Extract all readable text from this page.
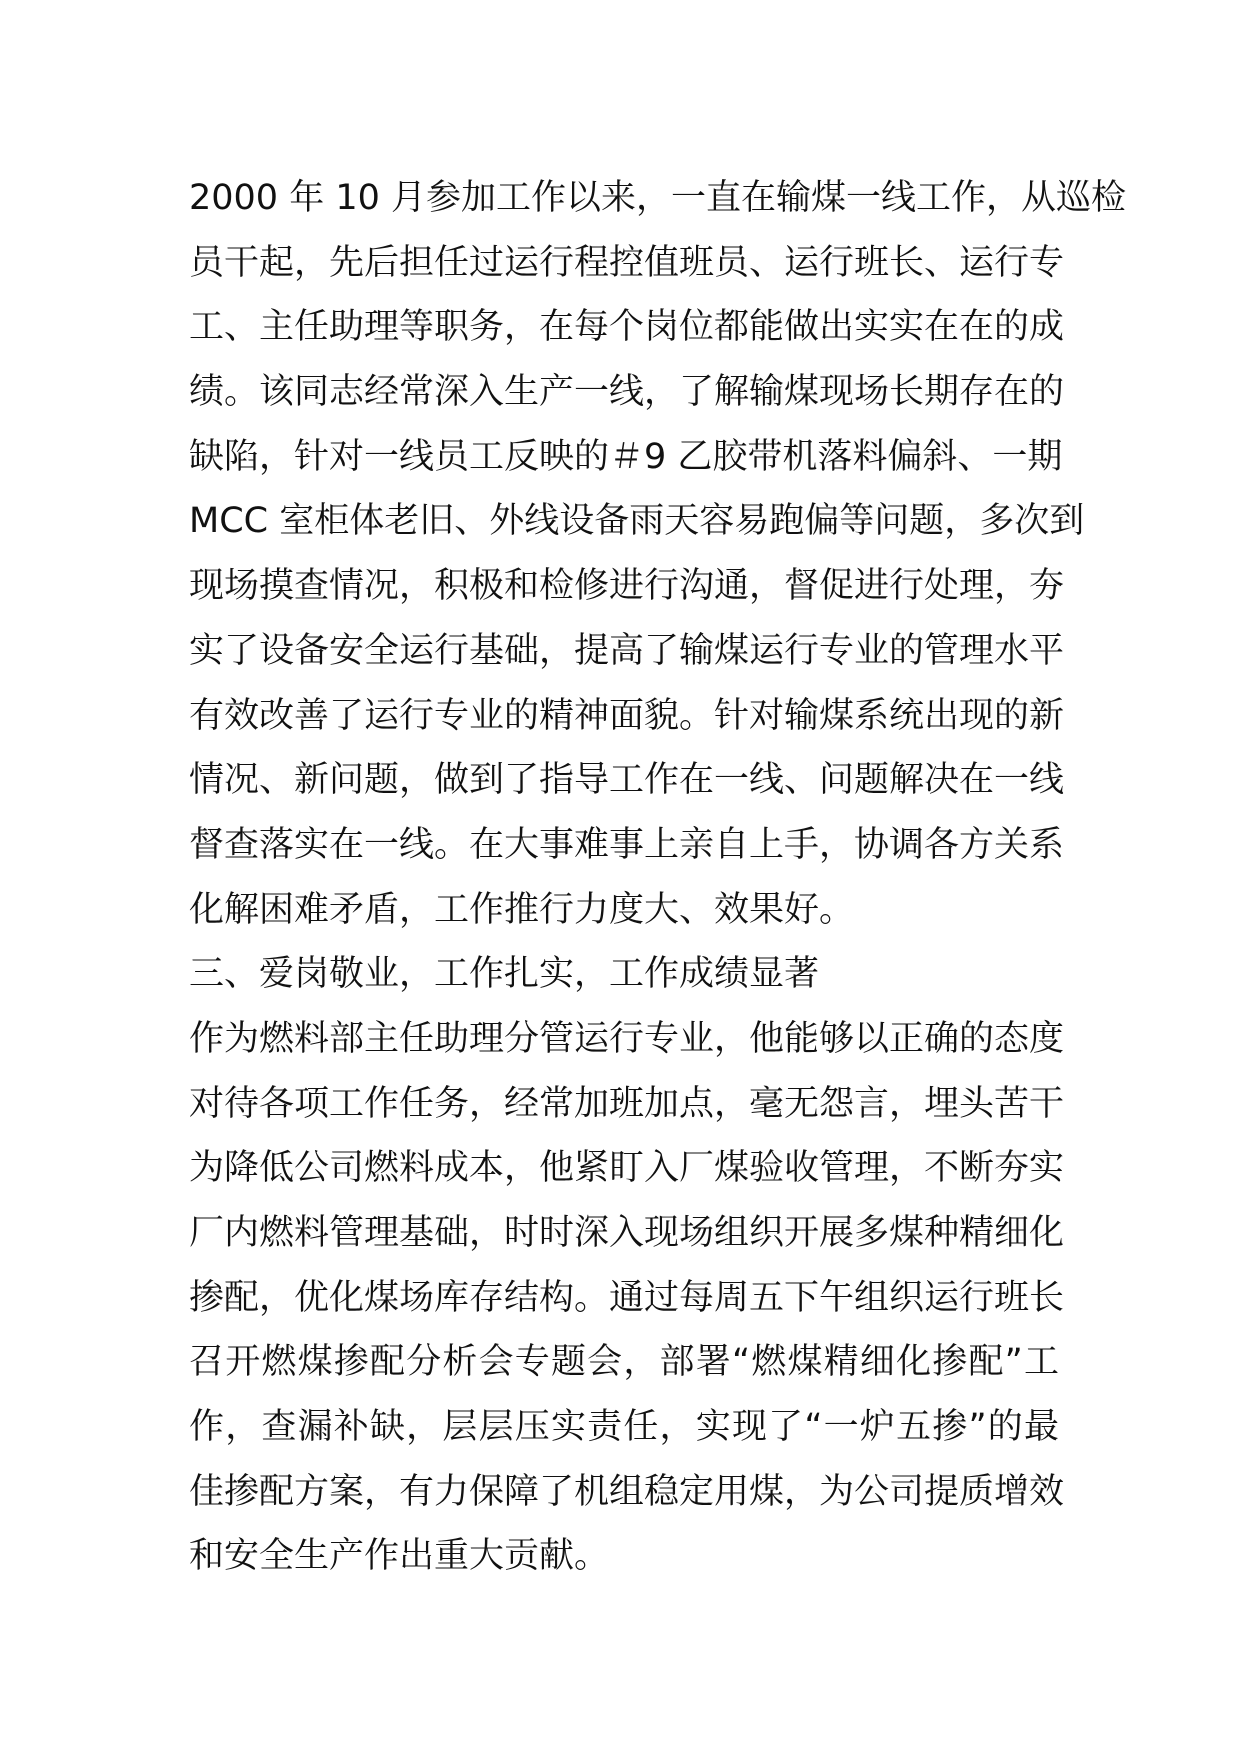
2000 年 10 月参加工作以来，一直在输煤一线工作，从巡检
员干起，先后担任过运行程控值班员、运行班长、运行专
工、主任助理等职务，在每个岗位都能做出实实在在的成
绩。该同志经常深入生产一线，了解输煤现场长期存在的
缺陷，针对一线员工反映的＃9 乙胶带机落料偏斜、一期
MCC 室柜体老旧、外线设备雨天容易跑偏等问题，多次到
现场摸查情况，积极和检修进行沟通，督促进行处理，夯
实了设备安全运行基础，提高了输煤运行专业的管理水平
有效改善了运行专业的精神面貌。针对输煤系统出现的新
情况、新问题，做到了指导工作在一线、问题解决在一线
督查落实在一线。在大事难事上亲自上手，协调各方关系
化解困难矛盾，工作推行力度大、效果好。
三、爱岗敬业，工作扎实，工作成绩显著
作为燃料部主任助理分管运行专业，他能够以正确的态度
对待各项工作任务，经常加班加点，毫无怨言，埋头苦干
为降低公司燃料成本，他紧盯入厂煤验收管理，不断夯实
厂内燃料管理基础，时时深入现场组织开展多煤种精细化
掺配，优化煤场库存结构。通过每周五下午组织运行班长
召开燃煤掺配分析会专题会，部署“燃煤精细化掺配”工
作，查漏补缺，层层压实责任，实现了“一炉五掺”的最
佳掺配方案，有力保障了机组稳定用煤，为公司提质增效
和安全生产作出重大贡献。
